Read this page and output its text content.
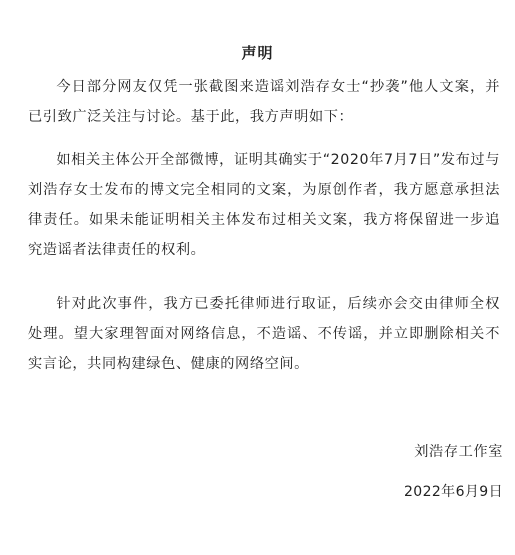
声明

今日部分网友仅凭一张截图来造谣刘浩存女士“抄袭”他人文案，并已引致广泛关注与讨论。基于此，我方声明如下：

如相关主体公开全部微博，证明其确实于“2020年7月7日”发布过与刘浩存女士发布的博文完全相同的文案，为原创作者，我方愿意承担法律责任。如果未能证明相关主体发布过相关文案，我方将保留进一步追究造谣者法律责任的权利。

针对此次事件，我方已委托律师进行取证，后续亦会交由律师全权处理。望大家理智面对网络信息，不造谣、不传谣，并立即删除相关不实言论，共同构建绿色、健康的网络空间。

刘浩存工作室
2022年6月9日
